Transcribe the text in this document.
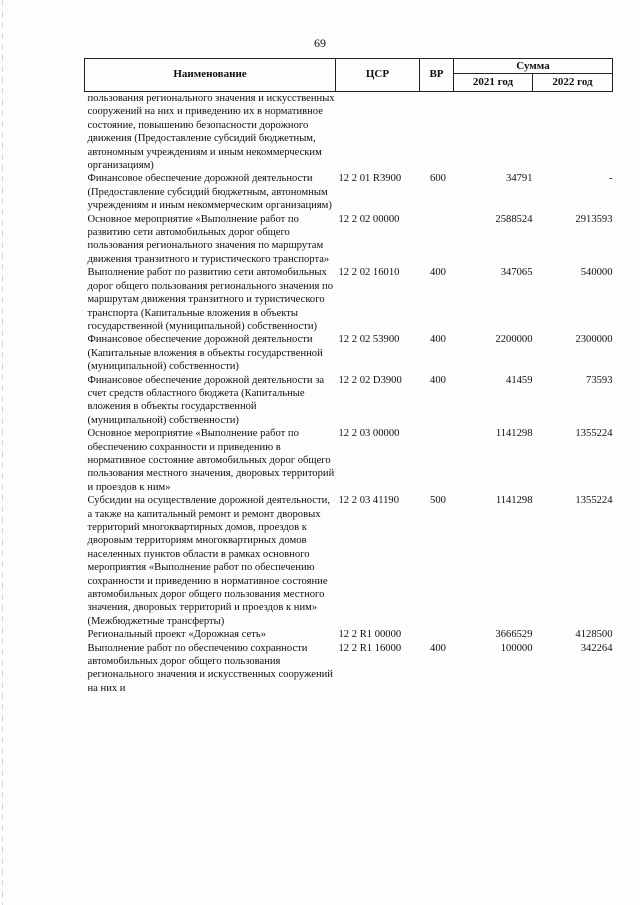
69
Наименование	ЦСР	ВР	Сумма	
			2021 год	2022 год
пользования регионального значения и искусственных сооружений на них и приведению их в нормативное состояние, повышению безопасности дорожного движения (Предоставление субсидий бюджетным, автономным учреждениям и иным некоммерческим организациям)				
Финансовое обеспечение дорожной деятельности (Предоставление субсидий бюджетным, автономным учреждениям и иным некоммерческим организациям)	12 2 01 R3900	600	34791	-
Основное мероприятие «Выполнение работ по развитию сети автомобильных дорог общего пользования регионального значения по маршрутам движения транзитного и туристического транспорта»	12 2 02 00000		2588524	2913593
Выполнение работ по развитию сети автомобильных дорог общего пользования регионального значения по маршрутам движения транзитного и туристического транспорта (Капитальные вложения в объекты государственной (муниципальной) собственности)	12 2 02 16010	400	347065	540000
Финансовое обеспечение дорожной деятельности (Капитальные вложения в объекты государственной (муниципальной) собственности)	12 2 02 53900	400	2200000	2300000
Финансовое обеспечение дорожной деятельности за счет средств областного бюджета (Капитальные вложения в объекты государственной (муниципальной) собственности)	12 2 02 D3900	400	41459	73593
Основное мероприятие «Выполнение работ по обеспечению сохранности и приведению в нормативное состояние автомобильных дорог общего пользования местного значения, дворовых территорий и проездов к ним»	12 2 03 00000		1141298	1355224
Субсидии на осуществление дорожной деятельности, а также на капитальный ремонт и ремонт дворовых территорий многоквартирных домов, проездов к дворовым территориям многоквартирных домов населенных пунктов области в рамках основного мероприятия «Выполнение работ по обеспечению сохранности и приведению в нормативное состояние автомобильных дорог общего пользования местного значения, дворовых территорий и проездов к ним» (Межбюджетные трансферты)	12 2 03 41190	500	1141298	1355224
Региональный проект «Дорожная сеть»	12 2 R1 00000		3666529	4128500
Выполнение работ по обеспечению сохранности автомобильных дорог общего пользования регионального значения и искусственных сооружений на них и	12 2 R1 16000	400	100000	342264
